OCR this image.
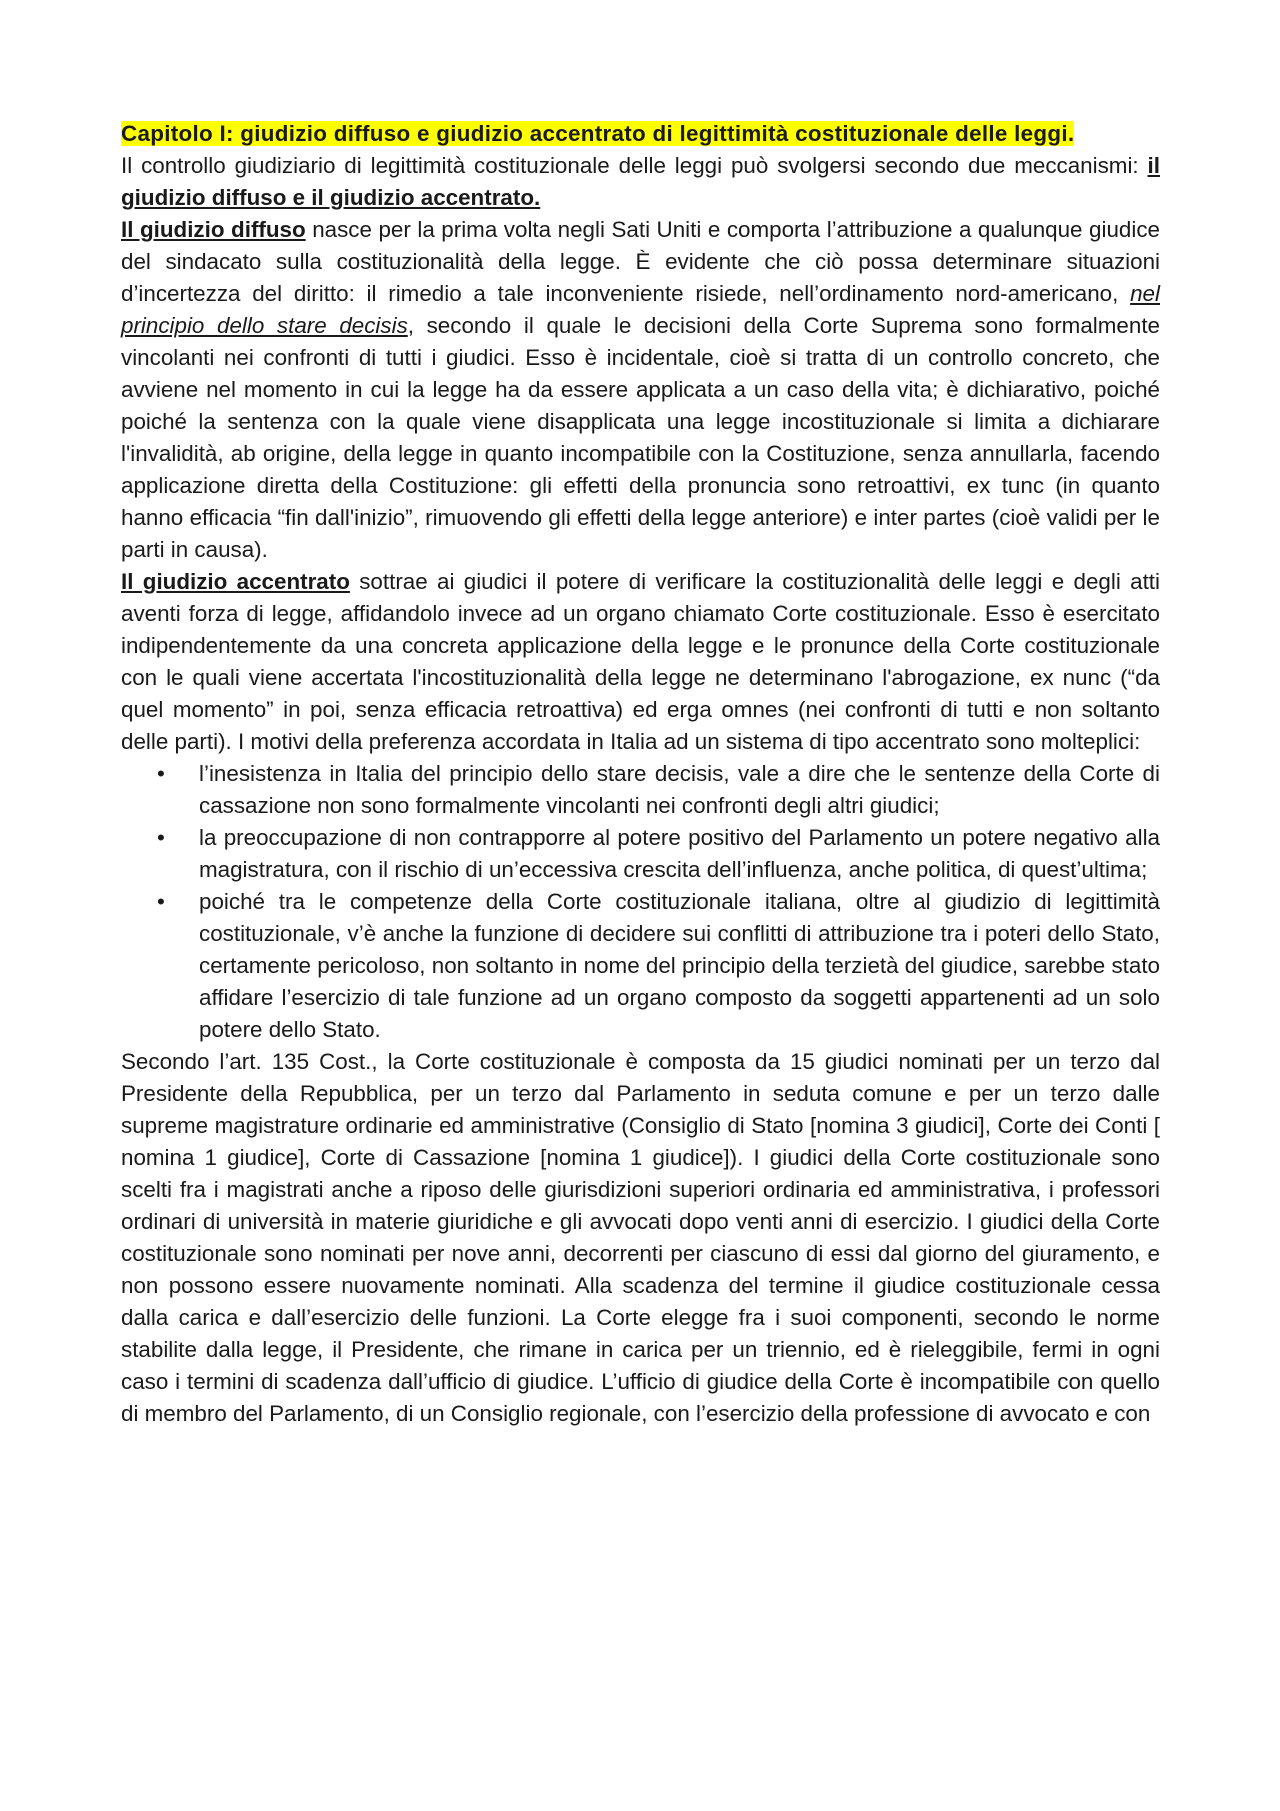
Capitolo I: giudizio diffuso e giudizio accentrato di legittimità costituzionale delle leggi.

Il controllo giudiziario di legittimità costituzionale delle leggi può svolgersi secondo due meccanismi: il giudizio diffuso e il giudizio accentrato.

Il giudizio diffuso nasce per la prima volta negli Sati Uniti e comporta l’attribuzione a qualunque giudice del sindacato sulla costituzionalità della legge. È evidente che ciò possa determinare situazioni d’incertezza del diritto: il rimedio a tale inconveniente risiede, nell’ordinamento nord-americano, nel principio dello stare decisis, secondo il quale le decisioni della Corte Suprema sono formalmente vincolanti nei confronti di tutti i giudici. Esso è incidentale, cioè si tratta di un controllo concreto, che avviene nel momento in cui la legge ha da essere applicata a un caso della vita; è dichiarativo, poiché poiché la sentenza con la quale viene disapplicata una legge incostituzionale si limita a dichiarare l'invalidità, ab origine, della legge in quanto incompatibile con la Costituzione, senza annullarla, facendo applicazione diretta della Costituzione: gli effetti della pronuncia sono retroattivi, ex tunc (in quanto hanno efficacia “fin dall'inizio”, rimuovendo gli effetti della legge anteriore) e inter partes (cioè validi per le parti in causa).

Il giudizio accentrato sottrae ai giudici il potere di verificare la costituzionalità delle leggi e degli atti aventi forza di legge, affidandolo invece ad un organo chiamato Corte costituzionale. Esso è esercitato indipendentemente da una concreta applicazione della legge e le pronunce della Corte costituzionale con le quali viene accertata l'incostituzionalità della legge ne determinano l'abrogazione, ex nunc (“da quel momento” in poi, senza efficacia retroattiva) ed erga omnes (nei confronti di tutti e non soltanto delle parti). I motivi della preferenza accordata in Italia ad un sistema di tipo accentrato sono molteplici:

• l’inesistenza in Italia del principio dello stare decisis, vale a dire che le sentenze della Corte di cassazione non sono formalmente vincolanti nei confronti degli altri giudici;
• la preoccupazione di non contrapporre al potere positivo del Parlamento un potere negativo alla magistratura, con il rischio di un’eccessiva crescita dell’influenza, anche politica, di quest’ultima;
• poiché tra le competenze della Corte costituzionale italiana, oltre al giudizio di legittimità costituzionale, v’è anche la funzione di decidere sui conflitti di attribuzione tra i poteri dello Stato, certamente pericoloso, non soltanto in nome del principio della terzietà del giudice, sarebbe stato affidare l’esercizio di tale funzione ad un organo composto da soggetti appartenenti ad un solo potere dello Stato.

Secondo l’art. 135 Cost., la Corte costituzionale è composta da 15 giudici nominati per un terzo dal Presidente della Repubblica, per un terzo dal Parlamento in seduta comune e per un terzo dalle supreme magistrature ordinarie ed amministrative (Consiglio di Stato [nomina 3 giudici], Corte dei Conti [ nomina 1 giudice], Corte di Cassazione [nomina 1 giudice]). I giudici della Corte costituzionale sono scelti fra i magistrati anche a riposo delle giurisdizioni superiori ordinaria ed amministrativa, i professori ordinari di università in materie giuridiche e gli avvocati dopo venti anni di esercizio. I giudici della Corte costituzionale sono nominati per nove anni, decorrenti per ciascuno di essi dal giorno del giuramento, e non possono essere nuovamente nominati. Alla scadenza del termine il giudice costituzionale cessa dalla carica e dall’esercizio delle funzioni. La Corte elegge fra i suoi componenti, secondo le norme stabilite dalla legge, il Presidente, che rimane in carica per un triennio, ed è rieleggibile, fermi in ogni caso i termini di scadenza dall’ufficio di giudice. L’ufficio di giudice della Corte è incompatibile con quello di membro del Parlamento, di un Consiglio regionale, con l’esercizio della professione di avvocato e con
